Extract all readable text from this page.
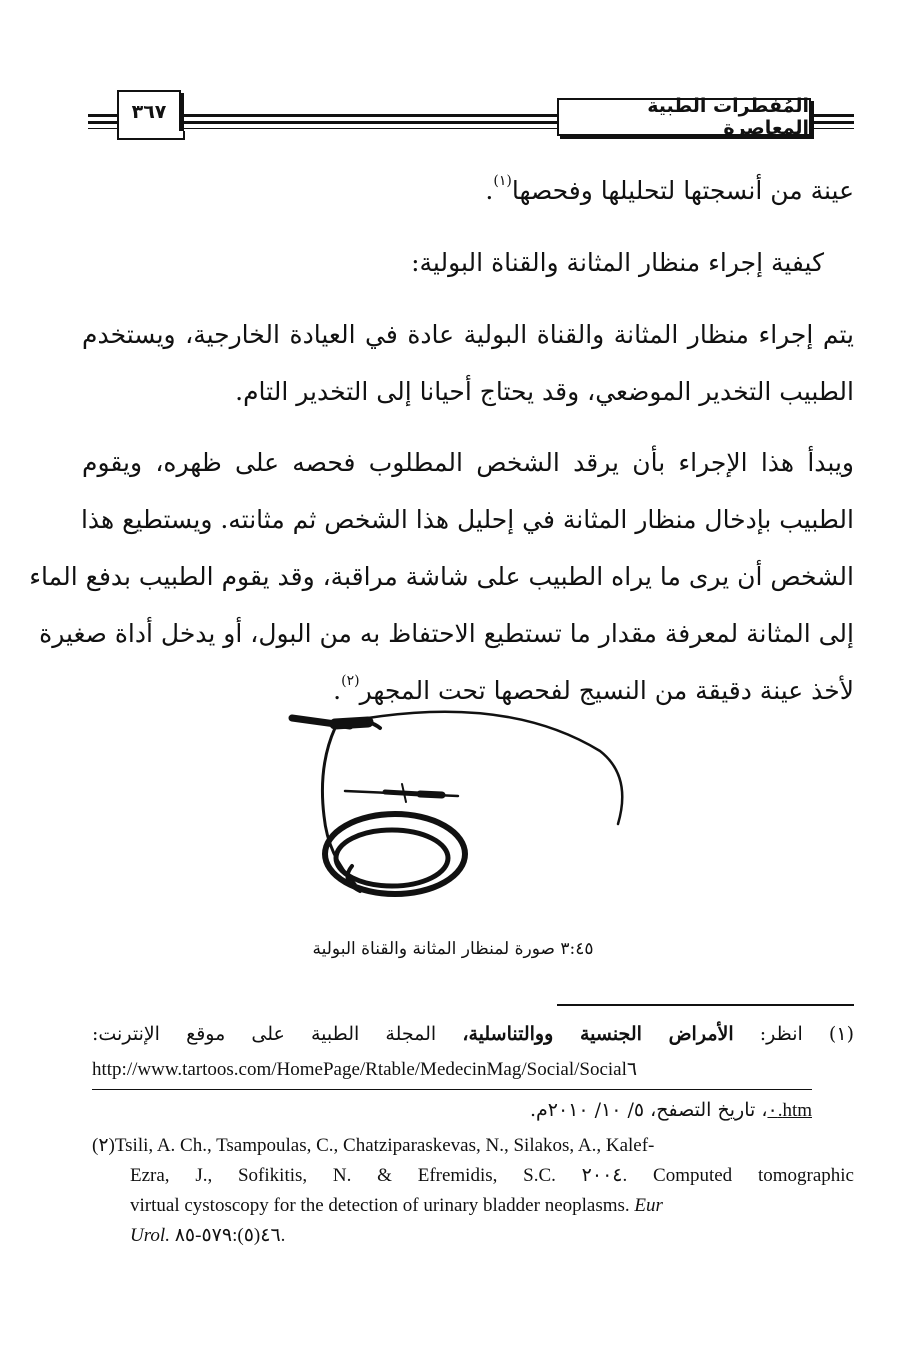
٣٦٧	المُفطرات الطبية المعاصرة

عينة من أنسجتها لتحليلها وفحصها$^{(١)}$.

كيفية إجراء منظار المثانة والقناة البولية:

يتم إجراء منظار المثانة والقناة البولية عادة في العيادة الخارجية، ويستخدم

الطبيب التخدير الموضعي، وقد يحتاج أحيانا إلى التخدير التام.

ويبدأ هذا الإجراء بأن يرقد الشخص المطلوب فحصه على ظهره، ويقوم

الطبيب بإدخال منظار المثانة في إحليل هذا الشخص ثم مثانته. ويستطيع هذا

الشخص أن يرى ما يراه الطبيب على شاشة مراقبة، وقد يقوم الطبيب بدفع الماء

إلى المثانة لمعرفة مقدار ما تستطيع الاحتفاظ به من البول، أو يدخل أداة صغيرة

لأخذ عينة دقيقة من النسيج لفحصها تحت المجهر$^{(٢)}$.

٣:٤٥ صورة لمنظار المثانة والقناة البولية

(١) انظر: الأمراض الجنسية ووالتناسلية، المجلة الطبية على موقع الإنترنت:

http://www.tartoos.com/HomePage/Rtable/MedecinMag/Social/Social٦

htm.٠، تاريخ التصفح، ٥/ ١٠/ ٢٠١٠م.

(٢)Tsili, A. Ch., Tsampoulas, C., Chatziparaskevas, N., Silakos, A., Kalef-

Ezra, J., Sofikitis, N. & Efremidis, S.C. ٢٠٠٤. Computed tomographic

virtual cystoscopy for the detection of urinary bladder neoplasms. Eur

Urol. ٤٦(٥):٥٧٩-٨٥.
